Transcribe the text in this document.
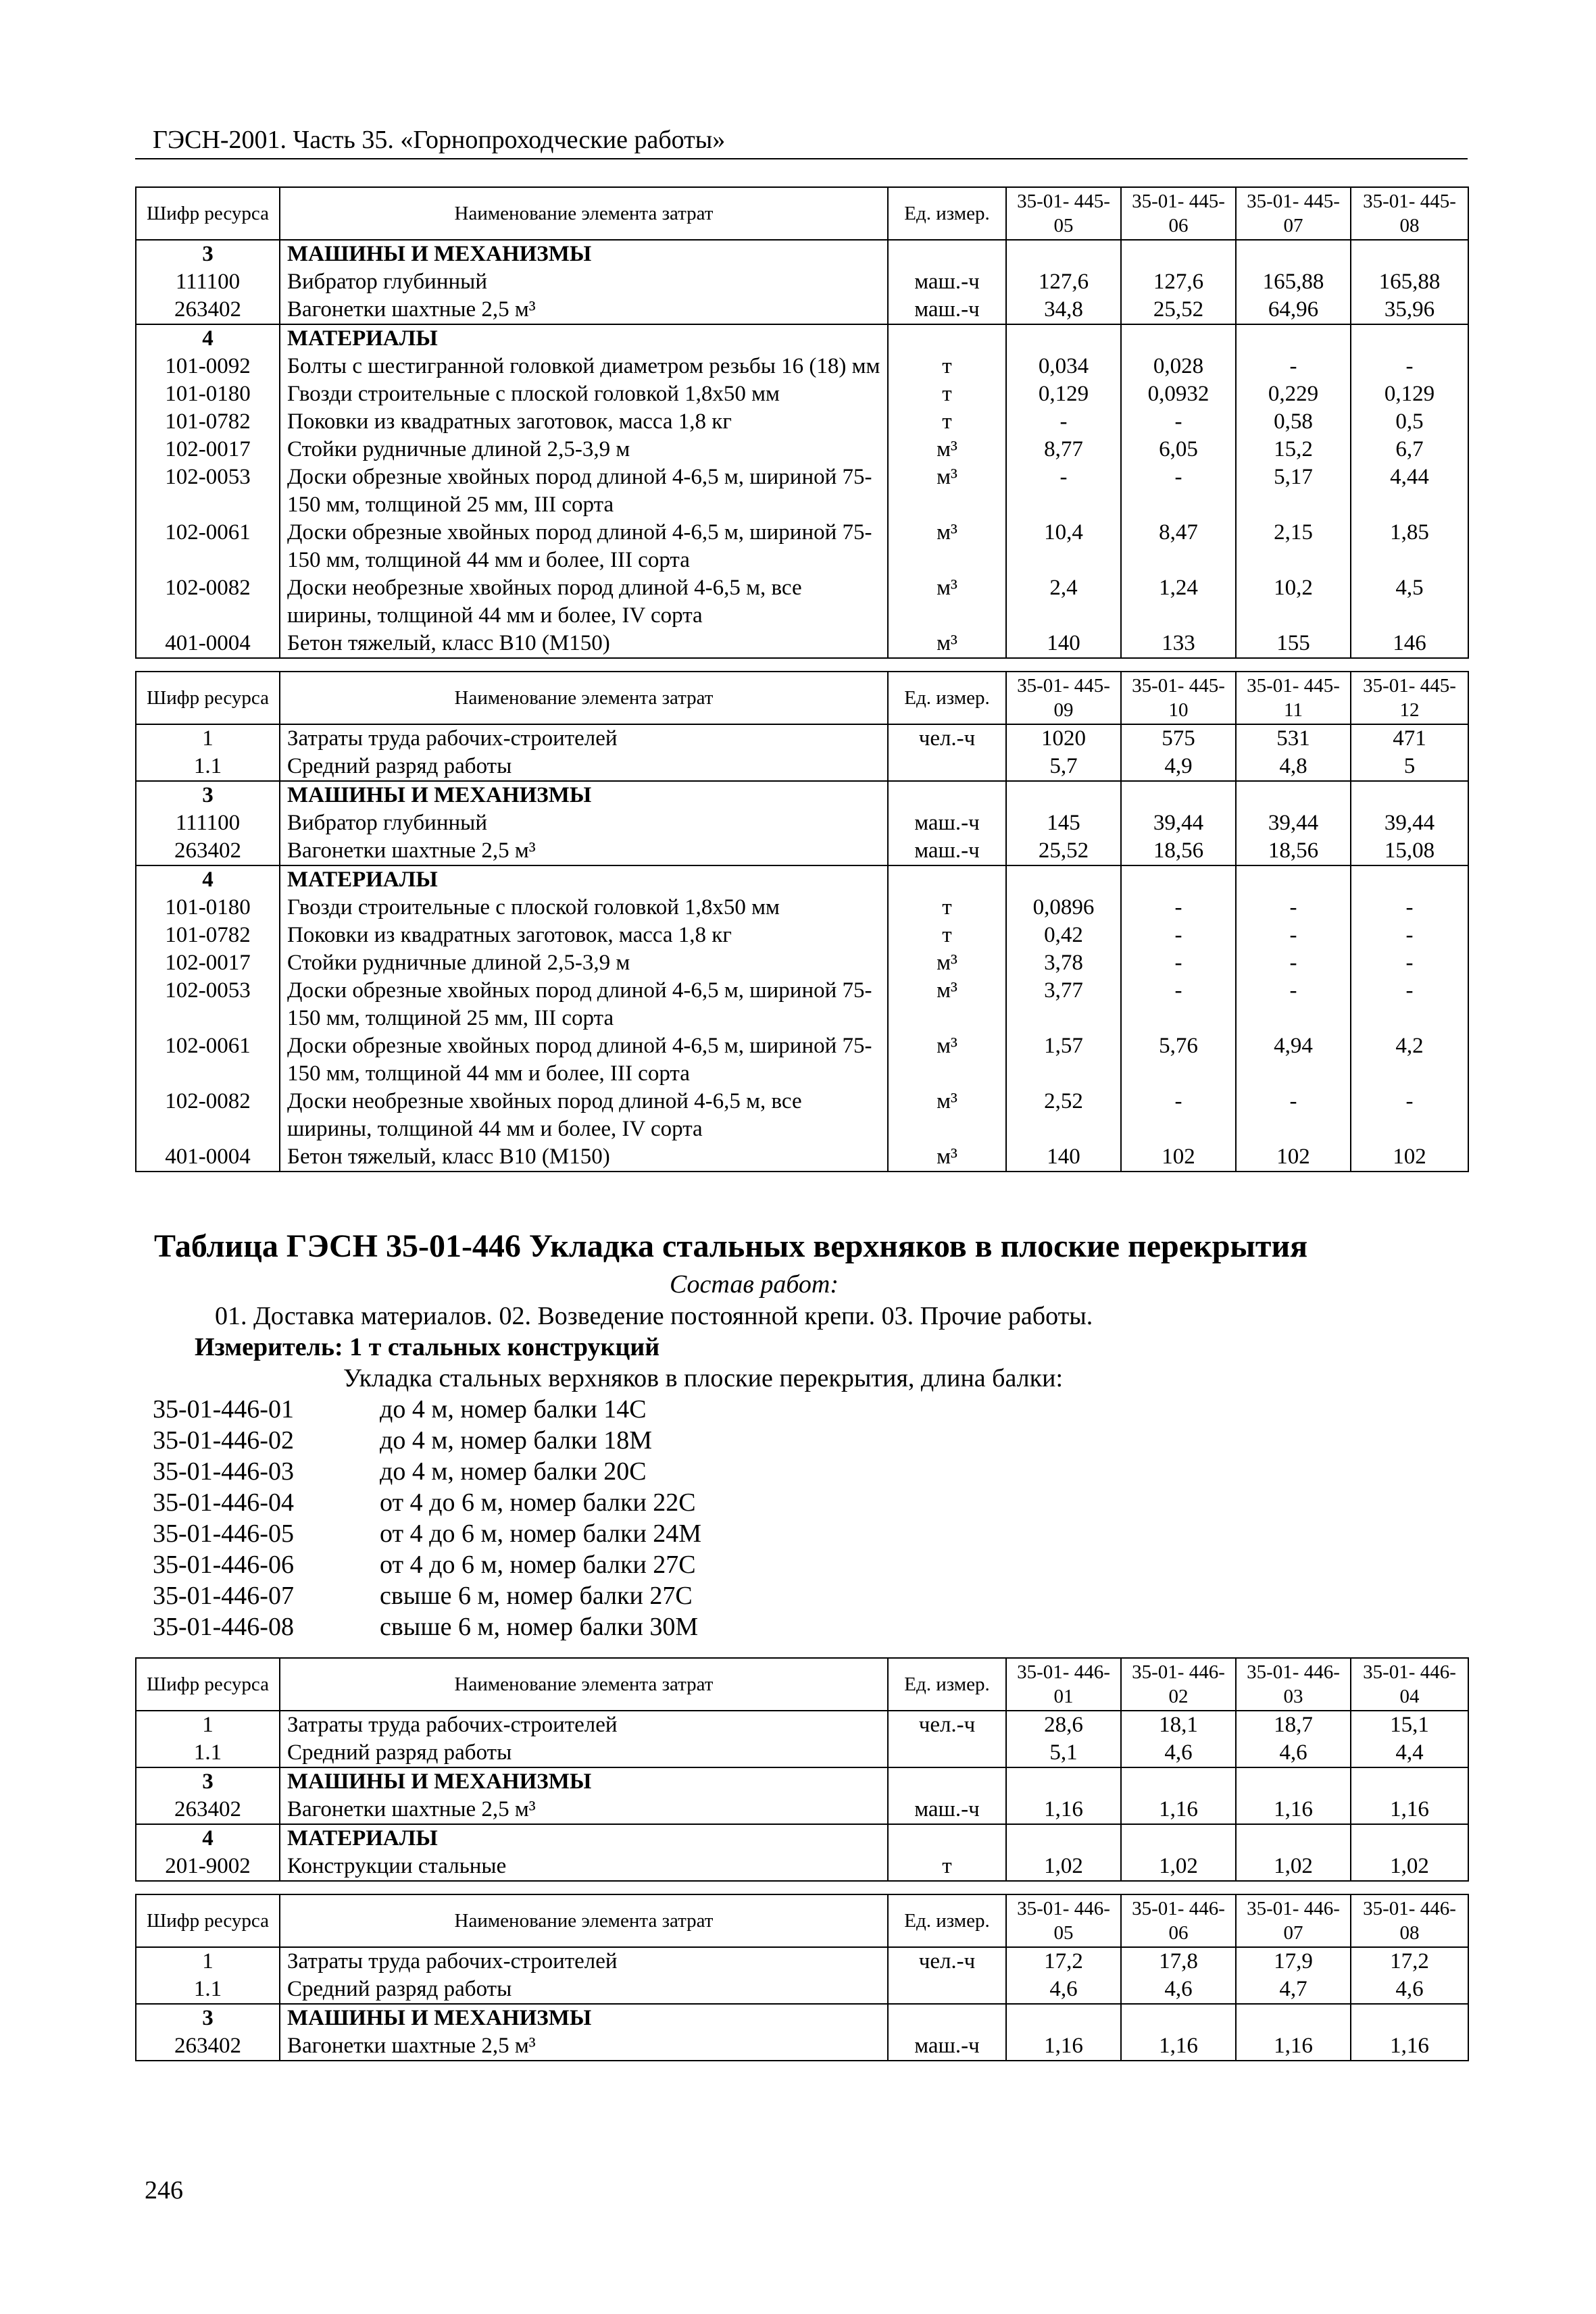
ГЭСН-2001. Часть 35. «Горнопроходческие работы»
Шифр ресурса	Наименование элемента затрат	Ед. измер.	35-01- 445-05	35-01- 445-06	35-01- 445-07	35-01- 445-08
3	МАШИНЫ И МЕХАНИЗМЫ					
111100	Вибратор глубинный	маш.-ч	127,6	127,6	165,88	165,88
263402	Вагонетки шахтные 2,5 м³	маш.-ч	34,8	25,52	64,96	35,96
4	МАТЕРИАЛЫ					
101-0092	Болты с шестигранной головкой диаметром резьбы 16 (18) мм	т	0,034	0,028	-	-
101-0180	Гвозди строительные с плоской головкой 1,8х50 мм	т	0,129	0,0932	0,229	0,129
101-0782	Поковки из квадратных заготовок, масса 1,8 кг	т	-	-	0,58	0,5
102-0017	Стойки рудничные длиной 2,5-3,9 м	м³	8,77	6,05	15,2	6,7
102-0053	Доски обрезные хвойных пород длиной 4-6,5 м, шириной 75-150 мм, толщиной 25 мм, III сорта	м³	-	-	5,17	4,44
102-0061	Доски обрезные хвойных пород длиной 4-6,5 м, шириной 75-150 мм, толщиной 44 мм и более, III сорта	м³	10,4	8,47	2,15	1,85
102-0082	Доски необрезные хвойных пород длиной 4-6,5 м, все ширины, толщиной 44 мм и более, IV сорта	м³	2,4	1,24	10,2	4,5
401-0004	Бетон тяжелый, класс В10 (М150)	м³	140	133	155	146
Шифр ресурса	Наименование элемента затрат	Ед. измер.	35-01- 445-09	35-01- 445-10	35-01- 445-11	35-01- 445-12
1	Затраты труда рабочих-строителей	чел.-ч	1020	575	531	471
1.1	Средний разряд работы		5,7	4,9	4,8	5
3	МАШИНЫ И МЕХАНИЗМЫ					
111100	Вибратор глубинный	маш.-ч	145	39,44	39,44	39,44
263402	Вагонетки шахтные 2,5 м³	маш.-ч	25,52	18,56	18,56	15,08
4	МАТЕРИАЛЫ					
101-0180	Гвозди строительные с плоской головкой 1,8х50 мм	т	0,0896	-	-	-
101-0782	Поковки из квадратных заготовок, масса 1,8 кг	т	0,42	-	-	-
102-0017	Стойки рудничные длиной 2,5-3,9 м	м³	3,78	-	-	-
102-0053	Доски обрезные хвойных пород длиной 4-6,5 м, шириной 75-150 мм, толщиной 25 мм, III сорта	м³	3,77	-	-	-
102-0061	Доски обрезные хвойных пород длиной 4-6,5 м, шириной 75-150 мм, толщиной 44 мм и более, III сорта	м³	1,57	5,76	4,94	4,2
102-0082	Доски необрезные хвойных пород длиной 4-6,5 м, все ширины, толщиной 44 мм и более, IV сорта	м³	2,52	-	-	-
401-0004	Бетон тяжелый, класс В10 (М150)	м³	140	102	102	102
Таблица ГЭСН 35-01-446 Укладка стальных верхняков в плоские перекрытия
Состав работ:
01. Доставка материалов. 02. Возведение постоянной крепи. 03. Прочие работы.
Измеритель: 1 т стальных конструкций
Укладка стальных верхняков в плоские перекрытия, длина балки:
35-01-446-01	до 4 м, номер балки 14С
35-01-446-02	до 4 м, номер балки 18М
35-01-446-03	до 4 м, номер балки 20С
35-01-446-04	от 4 до 6 м, номер балки 22С
35-01-446-05	от 4 до 6 м, номер балки 24М
35-01-446-06	от 4 до 6 м, номер балки 27С
35-01-446-07	свыше 6 м, номер балки 27С
35-01-446-08	свыше 6 м, номер балки 30М
Шифр ресурса	Наименование элемента затрат	Ед. измер.	35-01- 446-01	35-01- 446-02	35-01- 446-03	35-01- 446-04
1	Затраты труда рабочих-строителей	чел.-ч	28,6	18,1	18,7	15,1
1.1	Средний разряд работы		5,1	4,6	4,6	4,4
3	МАШИНЫ И МЕХАНИЗМЫ					
263402	Вагонетки шахтные 2,5 м³	маш.-ч	1,16	1,16	1,16	1,16
4	МАТЕРИАЛЫ					
201-9002	Конструкции стальные	т	1,02	1,02	1,02	1,02
Шифр ресурса	Наименование элемента затрат	Ед. измер.	35-01- 446-05	35-01- 446-06	35-01- 446-07	35-01- 446-08
1	Затраты труда рабочих-строителей	чел.-ч	17,2	17,8	17,9	17,2
1.1	Средний разряд работы		4,6	4,6	4,7	4,6
3	МАШИНЫ И МЕХАНИЗМЫ					
263402	Вагонетки шахтные 2,5 м³	маш.-ч	1,16	1,16	1,16	1,16
246
